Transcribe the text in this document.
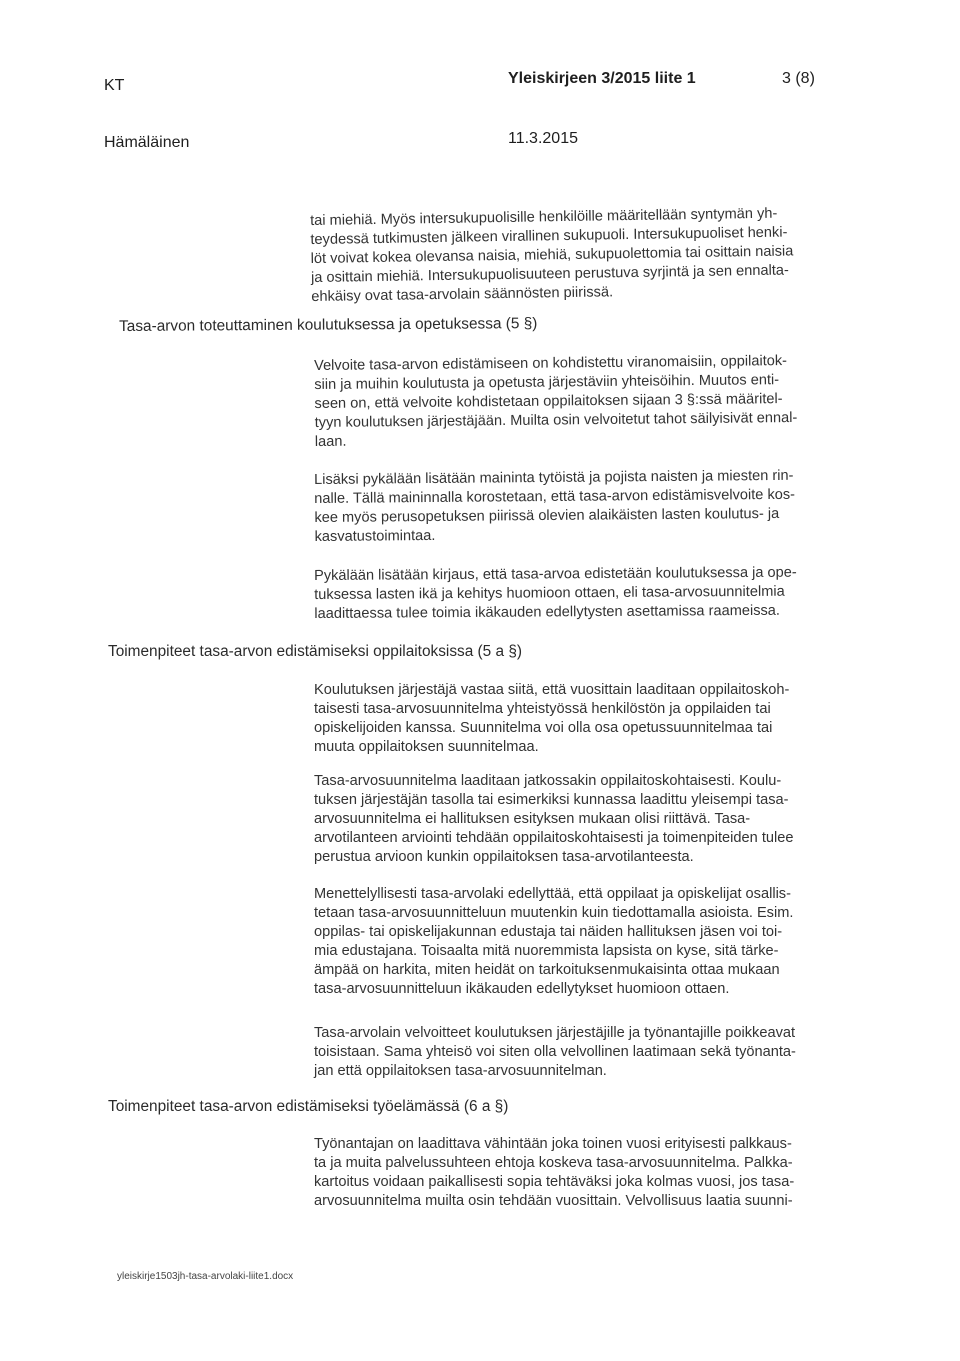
KT	Yleiskirjeen 3/2015 liite 1	3 (8)
Hämäläinen	11.3.2015

tai miehiä. Myös intersukupuolisille henkilöille määritellään syntymän yh-

teydessä tutkimusten jälkeen virallinen sukupuoli. Intersukupuoliset henki-

löt voivat kokea olevansa naisia, miehiä, sukupuolettomia tai osittain naisia

ja osittain miehiä. Intersukupuolisuuteen perustuva syrjintä ja sen ennalta-

ehkäisy ovat tasa-arvolain säännösten piirissä.

Tasa-arvon toteuttaminen koulutuksessa ja opetuksessa (5 §)

Velvoite tasa-arvon edistämiseen on kohdistettu viranomaisiin, oppilaitok-

siin ja muihin koulutusta ja opetusta järjestäviin yhteisöihin. Muutos enti-

seen on, että velvoite kohdistetaan oppilaitoksen sijaan 3 §:ssä määritel-

tyyn koulutuksen järjestäjään. Muilta osin velvoitetut tahot säilyisivät ennal-

laan.

Lisäksi pykälään lisätään maininta tytöistä ja pojista naisten ja miesten rin-

nalle. Tällä maininnalla korostetaan, että tasa-arvon edistämisvelvoite kos-

kee myös perusopetuksen piirissä olevien alaikäisten lasten koulutus- ja

kasvatustoimintaa.

Pykälään lisätään kirjaus, että tasa-arvoa edistetään koulutuksessa ja ope-

tuksessa lasten ikä ja kehitys huomioon ottaen, eli tasa-arvosuunnitelmia

laadittaessa tulee toimia ikäkauden edellytysten asettamissa raameissa.

Toimenpiteet tasa-arvon edistämiseksi oppilaitoksissa (5 a §)

Koulutuksen järjestäjä vastaa siitä, että vuosittain laaditaan oppilaitoskoh-

taisesti tasa-arvosuunnitelma yhteistyössä henkilöstön ja oppilaiden tai

opiskelijoiden kanssa. Suunnitelma voi olla osa opetussuunnitelmaa tai

muuta oppilaitoksen suunnitelmaa.

Tasa-arvosuunnitelma laaditaan jatkossakin oppilaitoskohtaisesti. Koulu-

tuksen järjestäjän tasolla tai esimerkiksi kunnassa laadittu yleisempi tasa-

arvosuunnitelma ei hallituksen esityksen mukaan olisi riittävä. Tasa-

arvotilanteen arviointi tehdään oppilaitoskohtaisesti ja toimenpiteiden tulee

perustua arvioon kunkin oppilaitoksen tasa-arvotilanteesta.

Menettelyllisesti tasa-arvolaki edellyttää, että oppilaat ja opiskelijat osallis-

tetaan tasa-arvosuunnitteluun muutenkin kuin tiedottamalla asioista. Esim.

oppilas- tai opiskelijakunnan edustaja tai näiden hallituksen jäsen voi toi-

mia edustajana. Toisaalta mitä nuoremmista lapsista on kyse, sitä tärke-

ämpää on harkita, miten heidät on tarkoituksenmukaisinta ottaa mukaan

tasa-arvosuunnitteluun ikäkauden edellytykset huomioon ottaen.

Tasa-arvolain velvoitteet koulutuksen järjestäjille ja työnantajille poikkeavat

toisistaan. Sama yhteisö voi siten olla velvollinen laatimaan sekä työnanta-

jan että oppilaitoksen tasa-arvosuunnitelman.

Toimenpiteet tasa-arvon edistämiseksi työelämässä (6 a §)

Työnantajan on laadittava vähintään joka toinen vuosi erityisesti palkkaus-

ta ja muita palvelussuhteen ehtoja koskeva tasa-arvosuunnitelma. Palkka-

kartoitus voidaan paikallisesti sopia tehtäväksi joka kolmas vuosi, jos tasa-

arvosuunnitelma muilta osin tehdään vuosittain. Velvollisuus laatia suunni-

yleiskirje1503jh-tasa-arvolaki-liite1.docx
